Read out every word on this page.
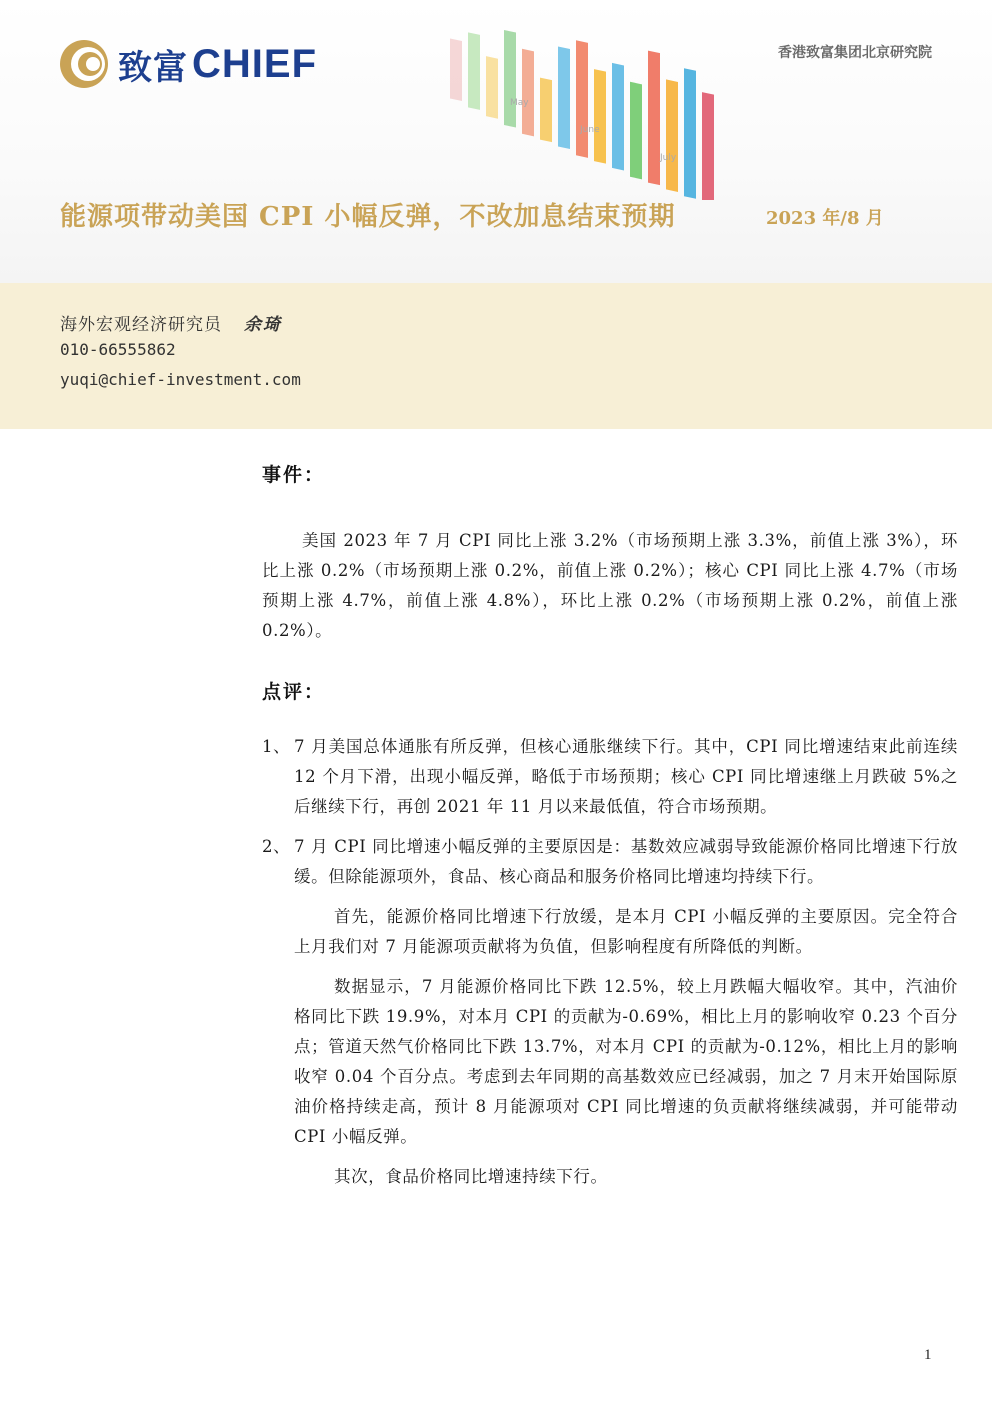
May
June
July
致富 CHIEF	香港致富集团北京研究院
能源项带动美国 CPI 小幅反弹，不改加息结束预期	2023 年/8 月
海外宏观经济研究员 余琦
010-66555862
yuqi@chief-investment.com
事件：

美国 2023 年 7 月 CPI 同比上涨 3.2%（市场预期上涨 3.3%，前值上涨 3%），环比上涨 0.2%（市场预期上涨 0.2%，前值上涨 0.2%）；核心 CPI 同比上涨 4.7%（市场预期上涨 4.7%，前值上涨 4.8%），环比上涨 0.2%（市场预期上涨 0.2%，前值上涨 0.2%）。

点评：

1、 7 月美国总体通胀有所反弹，但核心通胀继续下行。其中，CPI 同比增速结束此前连续 12 个月下滑，出现小幅反弹，略低于市场预期；核心 CPI 同比增速继上月跌破 5%之后继续下行，再创 2021 年 11 月以来最低值，符合市场预期。

2、 7 月 CPI 同比增速小幅反弹的主要原因是：基数效应减弱导致能源价格同比增速下行放缓。但除能源项外，食品、核心商品和服务价格同比增速均持续下行。

首先，能源价格同比增速下行放缓，是本月 CPI 小幅反弹的主要原因。完全符合上月我们对 7 月能源项贡献将为负值，但影响程度有所降低的判断。

数据显示，7 月能源价格同比下跌 12.5%，较上月跌幅大幅收窄。其中，汽油价格同比下跌 19.9%，对本月 CPI 的贡献为-0.69%，相比上月的影响收窄 0.23 个百分点；管道天然气价格同比下跌 13.7%，对本月 CPI 的贡献为-0.12%，相比上月的影响收窄 0.04 个百分点。考虑到去年同期的高基数效应已经减弱，加之 7 月末开始国际原油价格持续走高，预计 8 月能源项对 CPI 同比增速的负贡献将继续减弱，并可能带动 CPI 小幅反弹。

其次，食品价格同比增速持续下行。

1
